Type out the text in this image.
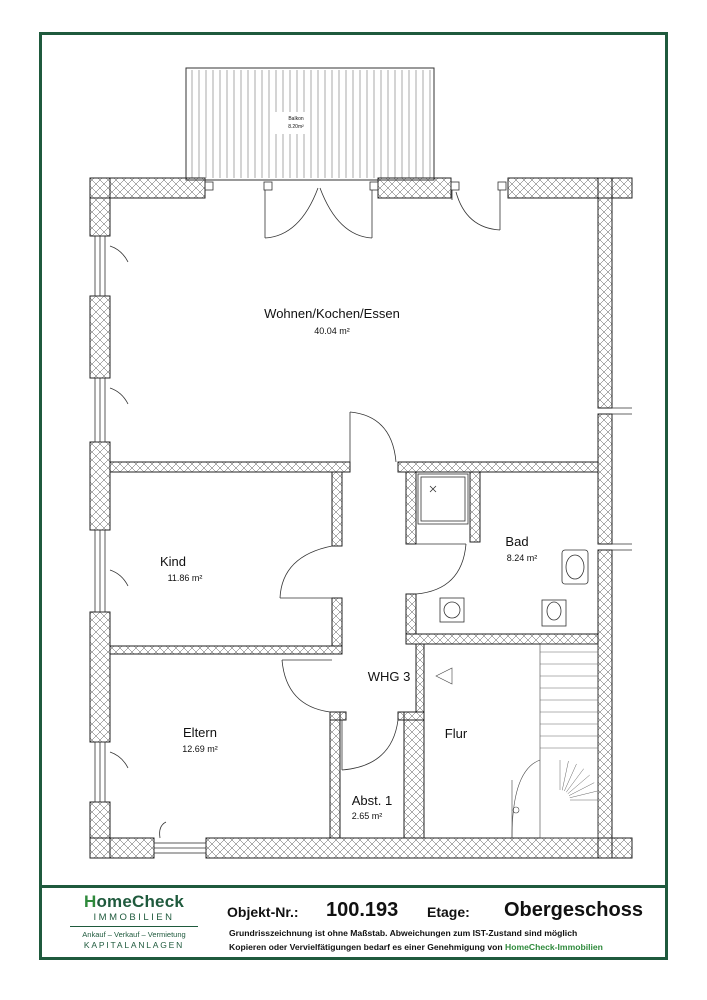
Balkon
8.20m²
Wohnen/Kochen/Essen
40.04 m²
Kind
11.86 m²
Bad
8.24 m²
Eltern
12.69 m²
Abst. 1
2.65 m²
Flur
WHG 3
HomeCheck
IMMOBILIEN
Ankauf – Verkauf – Vermietung
KAPITALANLAGEN
Objekt-Nr.: 100.193 Etage: Obergeschoss
Grundrisszeichnung ist ohne Maßstab. Abweichungen zum IST-Zustand sind möglich
Kopieren oder Vervielfätigungen bedarf es einer Genehmigung von HomeCheck-Immobilien
